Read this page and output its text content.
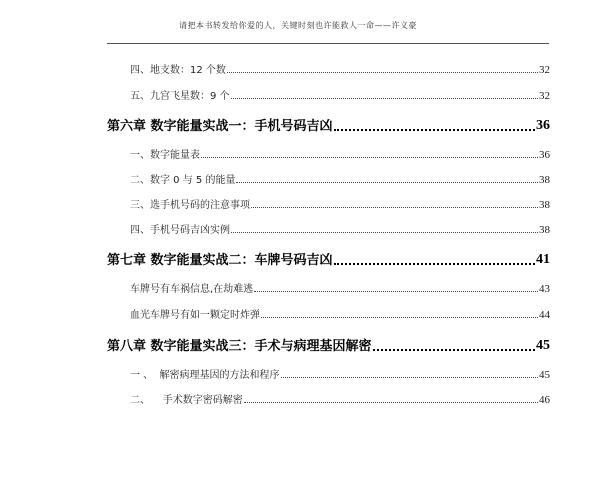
请把本书转发给你爱的人，关键时刻也许能救人一命——许义豪
四、地支数：12 个数	32
五、九宫飞星数：9 个	32
第六章 数字能量实战一：手机号码吉凶	36
一、数字能量表	36
二、数字 0 与 5 的能量	38
三、选手机号码的注意事项	38
四、手机号码吉凶实例	38
第七章 数字能量实战二：车牌号码吉凶	41
车牌号有车祸信息,在劫难逃	43
血光车牌号有如一颗定时炸弹	44
第八章 数字能量实战三：手术与病理基因解密	45
一 、  解密病理基因的方法和程序	45
二、    手术数字密码解密	46
